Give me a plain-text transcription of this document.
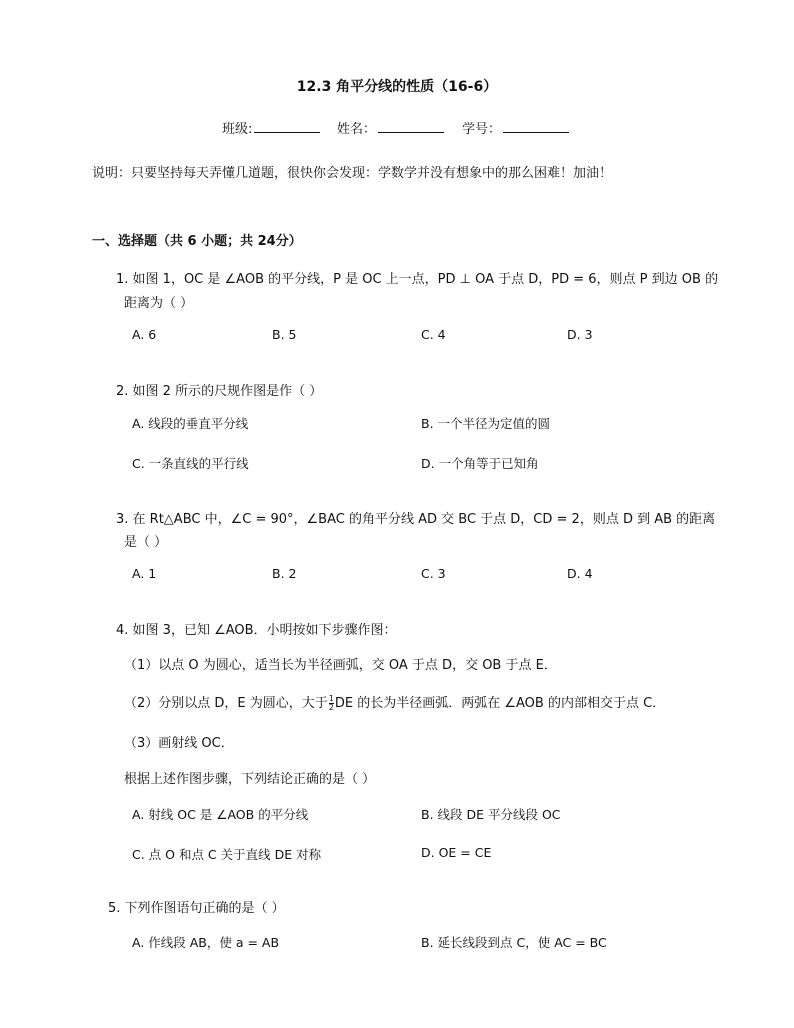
12.3 角平分线的性质（16-6）
班级:	姓名：	学号：
说明：只要坚持每天弄懂几道题，很快你会发现：学数学并没有想象中的那么困难！加油！
一、选择题（共 6 小题；共 24分）
1. 如图 1，OC 是 ∠AOB 的平分线，P 是 OC 上一点，PD ⊥ OA 于点 D，PD = 6，则点 P 到边 OB 的
距离为（ ）
A. 6	B. 5	C. 4	D. 3
2. 如图 2 所示的尺规作图是作（ ）
A. 线段的垂直平分线	B. 一个半径为定值的圆
C. 一条直线的平行线	D. 一个角等于已知角
3. 在 Rt△ABC 中，∠C = 90°，∠BAC 的角平分线 AD 交 BC 于点 D，CD = 2，则点 D 到 AB 的距离
是（ ）
A. 1	B. 2	C. 3	D. 4
4. 如图 3，已知 ∠AOB．小明按如下步骤作图：
（1）以点 O 为圆心，适当长为半径画弧，交 OA 于点 D，交 OB 于点 E．
（2）分别以点 D，E 为圆心，大于 $\frac{1}{2}$ DE 的长为半径画弧．两弧在 ∠AOB 的内部相交于点 C．
（3）画射线 OC．
根据上述作图步骤，下列结论正确的是（ ）
A. 射线 OC 是 ∠AOB 的平分线	B. 线段 DE 平分线段 OC
C. 点 O 和点 C 关于直线 DE 对称	D. OE = CE
5. 下列作图语句正确的是（ ）
A. 作线段 AB，使 a = AB	B. 延长线段到点 C，使 AC = BC
